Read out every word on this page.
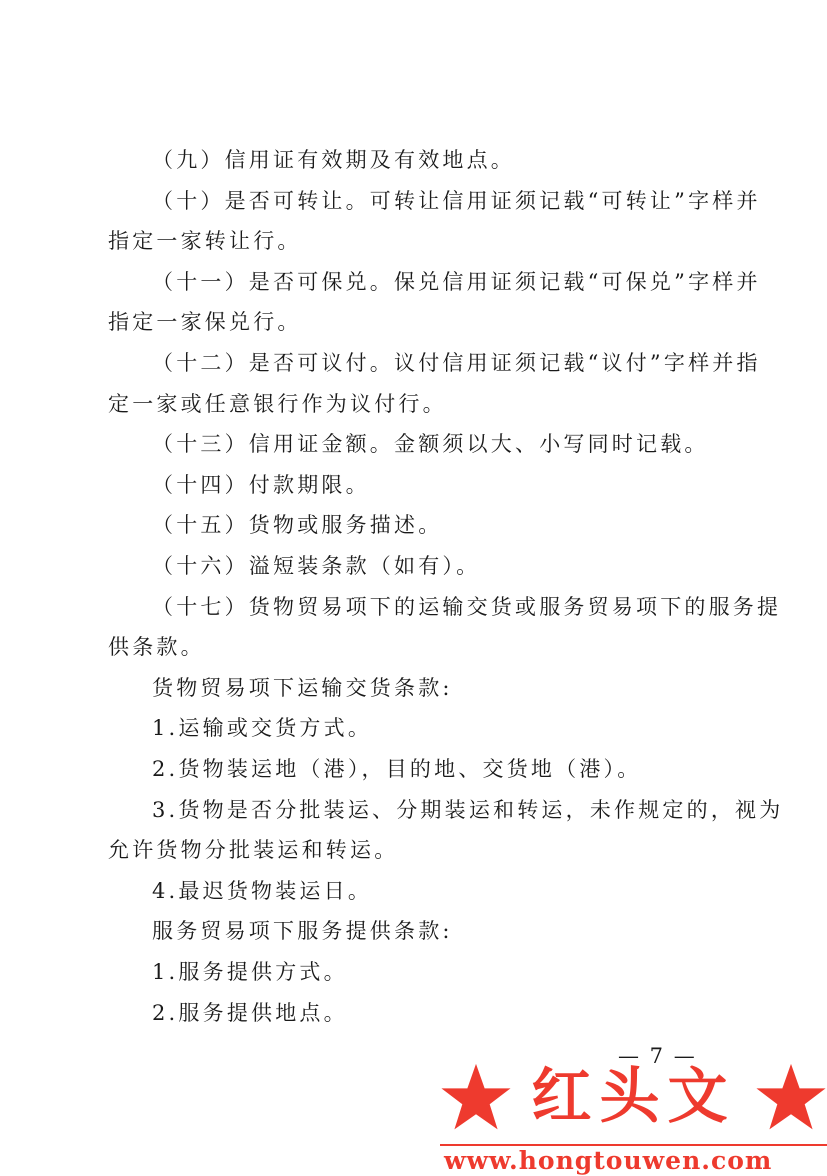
（九）信用证有效期及有效地点。

（十）是否可转让。可转让信用证须记载“可转让”字样并
指定一家转让行。

（十一）是否可保兑。保兑信用证须记载“可保兑”字样并
指定一家保兑行。

（十二）是否可议付。议付信用证须记载“议付”字样并指
定一家或任意银行作为议付行。

（十三）信用证金额。金额须以大、小写同时记载。

（十四）付款期限。

（十五）货物或服务描述。

（十六）溢短装条款（如有）。

（十七）货物贸易项下的运输交货或服务贸易项下的服务提
供条款。

货物贸易项下运输交货条款:

1.运输或交货方式。

2.货物装运地（港），目的地、交货地（港）。

3.货物是否分批装运、分期装运和转运，未作规定的，视为
允许货物分批装运和转运。

4.最迟货物装运日。

服务贸易项下服务提供条款:

1.服务提供方式。

2.服务提供地点。

— 7 —
红头文
www.hongtouwen.com
